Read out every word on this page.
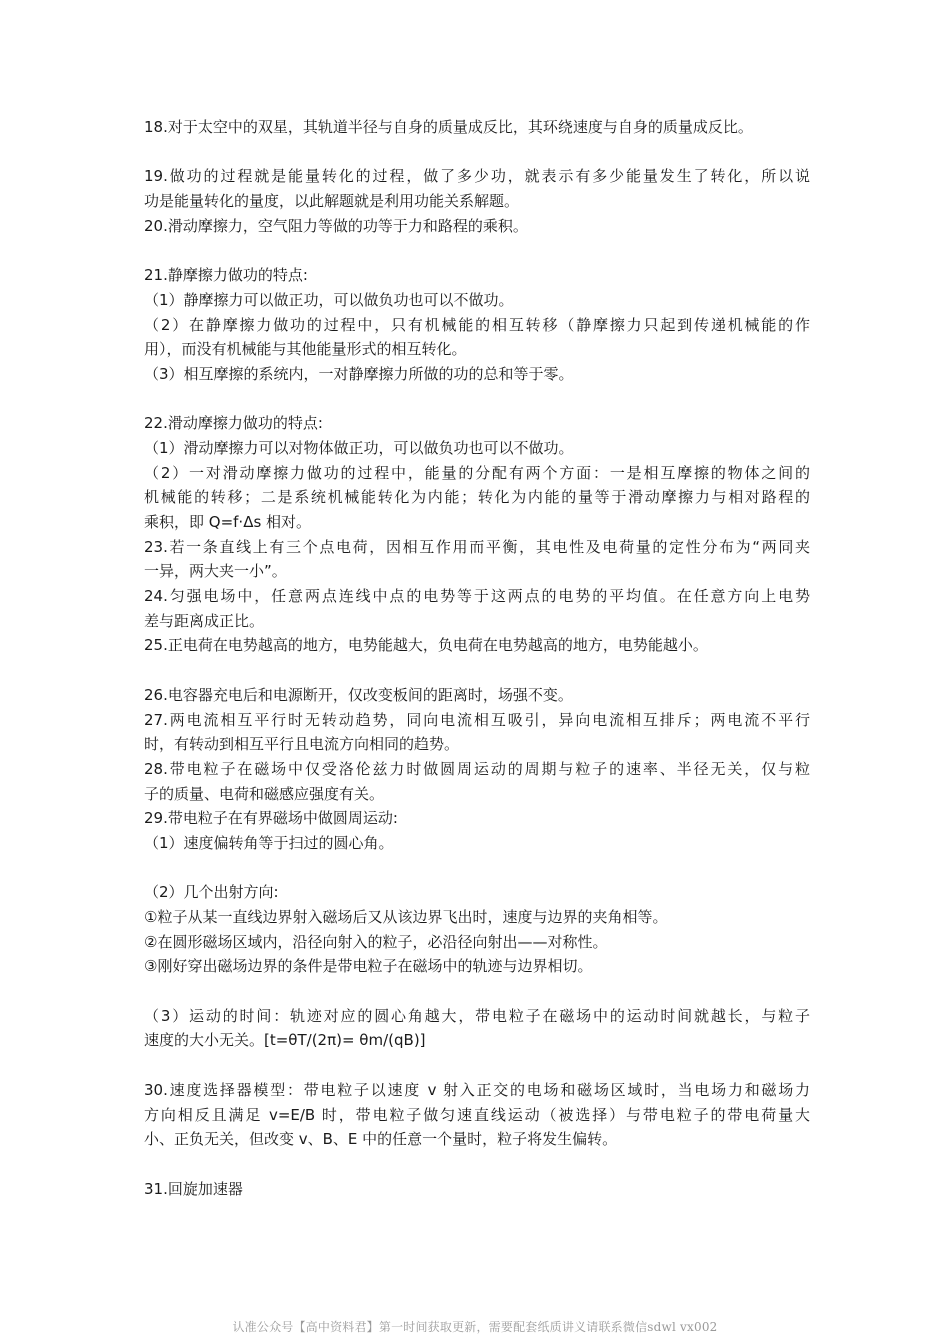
18.对于太空中的双星，其轨道半径与自身的质量成反比，其环绕速度与自身的质量成反比。
19.做功的过程就是能量转化的过程，做了多少功，就表示有多少能量发生了转化，所以说
功是能量转化的量度，以此解题就是利用功能关系解题。
20.滑动摩擦力，空气阻力等做的功等于力和路程的乘积。
21.静摩擦力做功的特点:
（1）静摩擦力可以做正功，可以做负功也可以不做功。
（2）在静摩擦力做功的过程中，只有机械能的相互转移（静摩擦力只起到传递机械能的作
用），而没有机械能与其他能量形式的相互转化。
（3）相互摩擦的系统内，一对静摩擦力所做的功的总和等于零。
22.滑动摩擦力做功的特点:
（1）滑动摩擦力可以对物体做正功，可以做负功也可以不做功。
（2）一对滑动摩擦力做功的过程中，能量的分配有两个方面：一是相互摩擦的物体之间的
机械能的转移；二是系统机械能转化为内能；转化为内能的量等于滑动摩擦力与相对路程的
乘积，即 Q=f·Δs 相对。
23.若一条直线上有三个点电荷，因相互作用而平衡，其电性及电荷量的定性分布为“两同夹
一异，两大夹一小”。
24.匀强电场中，任意两点连线中点的电势等于这两点的电势的平均值。在任意方向上电势
差与距离成正比。
25.正电荷在电势越高的地方，电势能越大，负电荷在电势越高的地方，电势能越小。
26.电容器充电后和电源断开，仅改变板间的距离时，场强不变。
27.两电流相互平行时无转动趋势，同向电流相互吸引，异向电流相互排斥；两电流不平行
时，有转动到相互平行且电流方向相同的趋势。
28.带电粒子在磁场中仅受洛伦兹力时做圆周运动的周期与粒子的速率、半径无关，仅与粒
子的质量、电荷和磁感应强度有关。
29.带电粒子在有界磁场中做圆周运动:
（1）速度偏转角等于扫过的圆心角。
（2）几个出射方向:
①粒子从某一直线边界射入磁场后又从该边界飞出时，速度与边界的夹角相等。
②在圆形磁场区域内，沿径向射入的粒子，必沿径向射出——对称性。
③刚好穿出磁场边界的条件是带电粒子在磁场中的轨迹与边界相切。
（3）运动的时间：轨迹对应的圆心角越大，带电粒子在磁场中的运动时间就越长，与粒子
速度的大小无关。[t=θT/(2π)= θm/(qB)]
30.速度选择器模型：带电粒子以速度 v 射入正交的电场和磁场区域时，当电场力和磁场力
方向相反且满足 v=E/B 时，带电粒子做匀速直线运动（被选择）与带电粒子的带电荷量大
小、正负无关，但改变 v、B、E 中的任意一个量时，粒子将发生偏转。
31.回旋加速器
认准公众号【高中资料君】第一时间获取更新，需要配套纸质讲义请联系微信sdwl vx002
